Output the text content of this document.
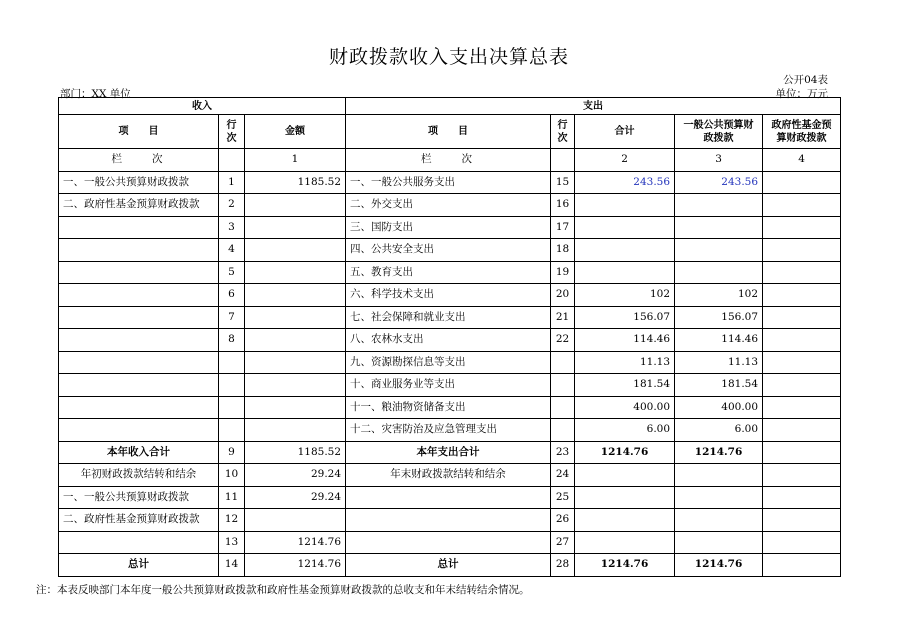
财政拨款收入支出决算总表
公开04表
部门：XX 单位	单位：万元
收入			支出				
项　　目	行次	金额	项　　目	行次	合计	一般公共预算财政拨款	政府性基金预算财政拨款
栏　　次		1	栏　　次		2	3	4
一、一般公共预算财政拨款	1	1185.52	一、一般公共服务支出	15	243.56	243.56	
二、政府性基金预算财政拨款	2		二、外交支出	16			
	3		三、国防支出	17			
	4		四、公共安全支出	18			
	5		五、教育支出	19			
	6		六、科学技术支出	20	102	102	
	7		七、社会保障和就业支出	21	156.07	156.07	
	8		八、农林水支出	22	114.46	114.46	
			九、资源勘探信息等支出		11.13	11.13	
			十、商业服务业等支出		181.54	181.54	
			十一、粮油物资储备支出		400.00	400.00	
			十二、灾害防治及应急管理支出		6.00	6.00	
本年收入合计	9	1185.52	本年支出合计	23	1214.76	1214.76	
年初财政拨款结转和结余	10	29.24	年末财政拨款结转和结余	24			
一、一般公共预算财政拨款	11	29.24		25			
二、政府性基金预算财政拨款	12			26			
	13	1214.76		27			
总计	14	1214.76	总计	28	1214.76	1214.76	
注：本表反映部门本年度一般公共预算财政拨款和政府性基金预算财政拨款的总收支和年末结转结余情况。
